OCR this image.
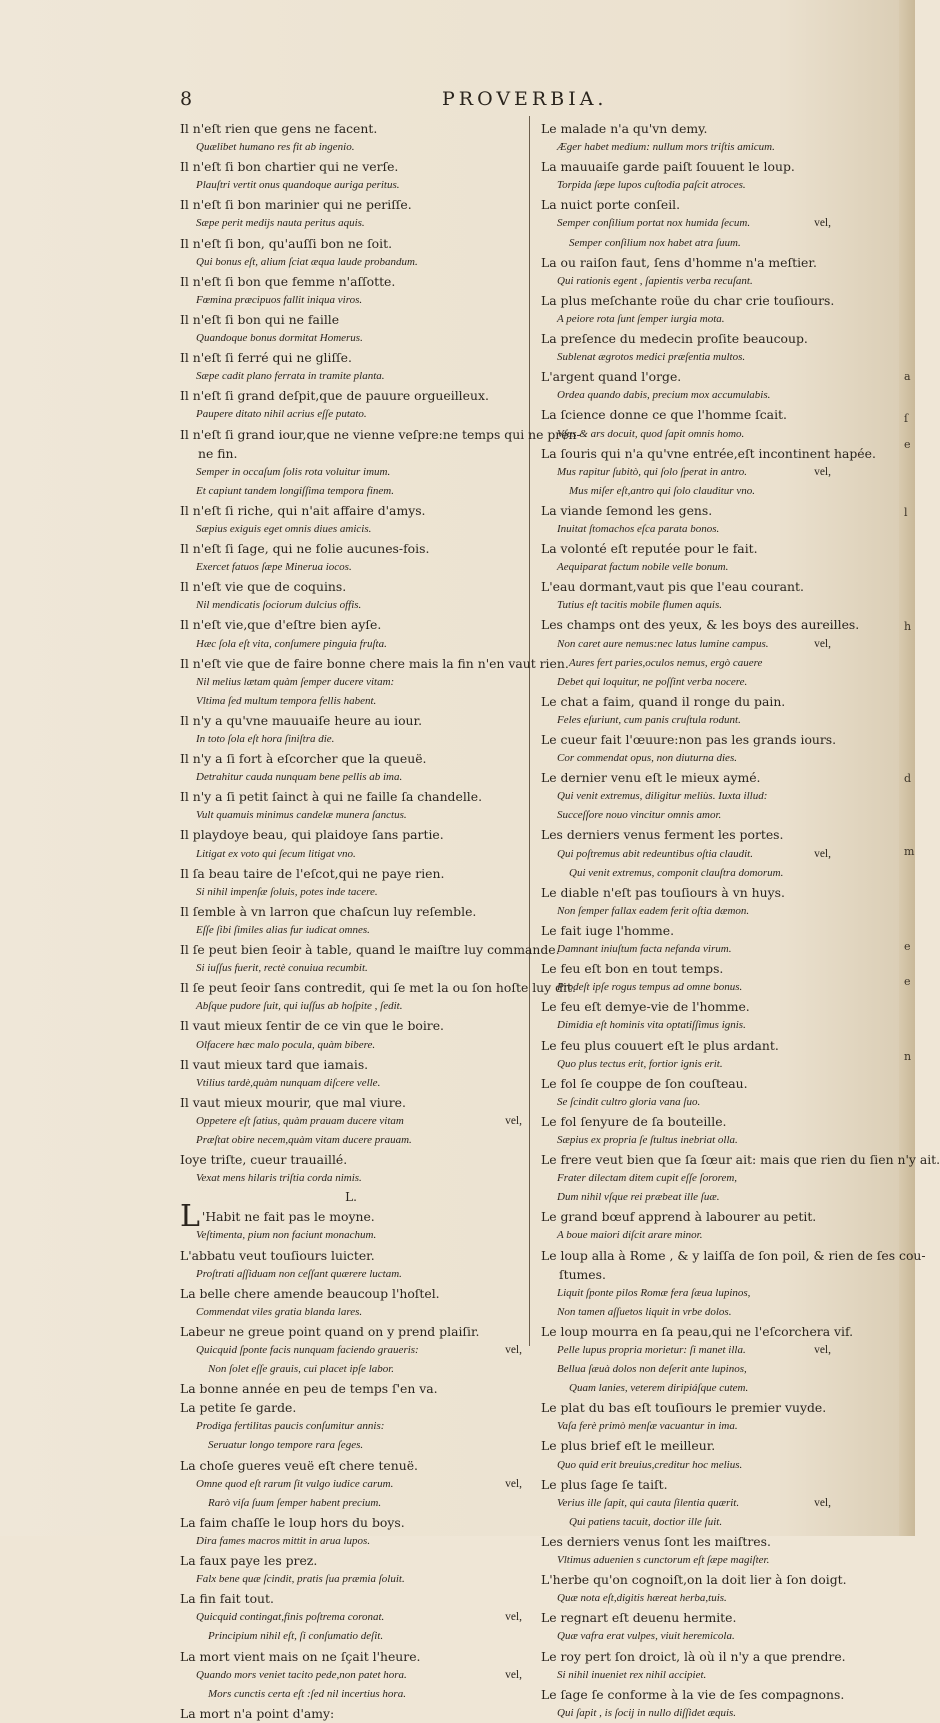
8	PROVERBIA.
Il n'eſt rien que gens ne facent.
Quælibet humano res fit ab ingenio.
Il n'eſt ſi bon chartier qui ne verſe.
Plauſtri vertit onus quandoque auriga peritus.
Il n'eſt ſi bon marinier qui ne periſſe.
Sæpe perit medijs nauta peritus aquis.
Il n'eſt ſi bon, qu'auſſi bon ne ſoit.
Qui bonus eſt, alium ſciat æqua laude probandum.
Il n'eſt ſi bon que femme n'aſſotte.
Fœmina præcipuos fallit iniqua viros.
Il n'eſt ſi bon qui ne faille
Quandoque bonus dormitat Homerus.
Il n'eſt ſi ferré qui ne gliſſe.
Sæpe cadit plano ferrata in tramite planta.
Il n'eſt ſi grand deſpit,que de pauure orgueilleux.
Paupere ditato nihil acrius eſſe putato.
Il n'eſt ſi grand iour,que ne vienne veſpre:ne temps qui ne pren-
ne fin.
Semper in occaſum ſolis rota voluitur imum.
Et capiunt tandem longiſſima tempora finem.
Il n'eſt ſi riche, qui n'ait affaire d'amys.
Sæpius exiguis eget omnis diues amicis.
Il n'eſt ſi ſage, qui ne folie aucunes-fois.
Exercet fatuos ſæpe Minerua iocos.
Il n'eſt vie que de coquins.
Nil mendicatis ſociorum dulcius offis.
Il n'eſt vie,que d'eſtre bien ayſe.
Hæc ſola eſt vita, conſumere pinguia fruſta.
Il n'eſt vie que de faire bonne chere mais la fin n'en vaut rien.
Nil melius lætam quàm ſemper ducere vitam:
Vltima ſed multum tempora fellis habent.
Il n'y a qu'vne mauuaiſe heure au iour.
In toto ſola eſt hora ſiniſtra die.
Il n'y a ſi fort à eſcorcher que la queuë.
Detrahitur cauda nunquam bene pellis ab ima.
Il n'y a ſi petit ſainct à qui ne faille ſa chandelle.
Vult quamuis minimus candelæ munera ſanctus.
Il playdoye beau, qui plaidoye ſans partie.
Litigat ex voto qui ſecum litigat vno.
Il ſa beau taire de l'eſcot,qui ne paye rien.
Si nihil impenſæ ſoluis, potes inde tacere.
Il ſemble à vn larron que chaſcun luy reſemble.
Eſſe ſibi ſimiles alias fur iudicat omnes.
Il ſe peut bien ſeoir à table, quand le maiſtre luy commande.
Si iuſſus fuerit, rectè conuiua recumbit.
Il ſe peut ſeoir ſans contredit, qui ſe met la ou ſon hoſte luy dit.
Abſque pudore ſuit, qui iuſſus ab hoſpite , ſedit.
Il vaut mieux ſentir de ce vin que le boire.
Olfacere hæc malo pocula, quàm bibere.
Il vaut mieux tard que iamais.
Vtilius tardè,quàm nunquam diſcere velle.
Il vaut mieux mourir, que mal viure.
Oppetere eſt ſatius, quàm prauam ducere vitam	vel,
Præſtat obire necem,quàm vitam ducere prauam.
Ioye triſte, cueur trauaillé.
Vexat mens hilaris triſtia corda nimis.
L.
L 'Habit ne fait pas le moyne.
Veſtimenta, pium non faciunt monachum.
L'abbatu veut touſiours luicter.
Proſtrati aſſiduam non ceſſant quærere luctam.
La belle chere amende beaucoup l'hoſtel.
Commendat viles gratia blanda lares.
Labeur ne greue point quand on y prend plaiſir.
Quicquid ſponte facis nunquam faciendo graueris:	vel,
Non ſolet eſſe grauis, cui placet ipſe labor.
La bonne année en peu de temps ſ'en va.
La petite ſe garde.
Prodiga fertilitas paucis conſumitur annis:
Seruatur longo tempore rara ſeges.
La choſe gueres veuë eſt chere tenuë.
Omne quod eſt rarum ſit vulgo iudice carum.	vel,
Rarò viſa ſuum ſemper habent precium.
La faim chaſſe le loup hors du boys.
Dira fames macros mittit in arua lupos.
La faux paye les prez.
Falx bene quæ ſcindit, pratis ſua præmia ſoluit.
La fin fait tout.
Quicquid contingat,finis poſtrema coronat.	vel,
Principium nihil eſt, ſi conſumatio deſit.
La mort vient mais on ne ſçait l'heure.
Quando mors veniet tacito pede,non patet hora.	vel,
Mors cunctis certa eſt :ſed nil incertius hora.
La mort n'a point d'amy:
Le malade n'a qu'vn demy.
Æger habet medium: nullum mors triſtis amicum.
La mauuaiſe garde paiſt ſouuent le loup.
Torpida ſæpe lupos cuſtodia paſcit atroces.
La nuict porte conſeil.
Semper conſilium portat nox humida ſecum.	vel,
Semper conſilium nox habet atra ſuum.
La ou raiſon faut, ſens d'homme n'a meſtier.
Qui rationis egent , ſapientis verba recuſant.
La plus meſchante roüe du char crie touſiours.
A peiore rota ſunt ſemper iurgia mota.
La preſence du medecin proſite beaucoup.
Sublenat ægrotos medici præſentia multos.
L'argent quand l'orge.
Ordea quando dabis, precium mox accumulabis.
La ſcience donne ce que l'homme ſcait.
Vſus & ars docuit, quod ſapit omnis homo.
La ſouris qui n'a qu'vne entrée,eſt incontinent hapée.
Mus rapitur ſubitò, qui ſolo ſperat in antro.	vel,
Mus miſer eſt,antro qui ſolo clauditur vno.
La viande ſemond les gens.
Inuitat ſtomachos eſca parata bonos.
La volonté eſt reputée pour le fait.
Aequiparat factum nobile velle bonum.
L'eau dormant,vaut pis que l'eau courant.
Tutius eſt tacitis mobile flumen aquis.
Les champs ont des yeux, & les boys des aureilles.
Non caret aure nemus:nec latus lumine campus.	vel,
Aures fert paries,oculos nemus, ergò cauere
Debet qui loquitur, ne poſſint verba nocere.
Le chat a faim, quand il ronge du pain.
Feles eſuriunt, cum panis cruſtula rodunt.
Le cueur fait l'œuure:non pas les grands iours.
Cor commendat opus, non diuturna dies.
Le dernier venu eſt le mieux aymé.
Qui venit extremus, diligitur meliùs. Iuxta illud:
Succeſſore nouo vincitur omnis amor.
Les derniers venus ferment les portes.
Qui poſtremus abit redeuntibus oſtia claudit.	vel,
Qui venit extremus, componit clauſtra domorum.
Le diable n'eſt pas touſiours à vn huys.
Non ſemper fallax eadem ferit oſtia dæmon.
Le fait iuge l'homme.
Damnant iniuſtum facta nefanda virum.
Le feu eſt bon en tout temps.
Prodeſt ipſe rogus tempus ad omne bonus.
Le feu eſt demye-vie de l'homme.
Dimidia eſt hominis vita optatiſſimus ignis.
Le feu plus couuert eſt le plus ardant.
Quo plus tectus erit, fortior ignis erit.
Le fol ſe couppe de ſon couſteau.
Se ſcindit cultro gloria vana ſuo.
Le fol ſenyure de ſa bouteille.
Sæpius ex propria ſe ſtultus inebriat olla.
Le frere veut bien que ſa ſœur ait: mais que rien du ſien n'y ait.
Frater dilectam ditem cupit eſſe ſororem,
Dum nihil vſque rei præbeat ille ſuæ.
Le grand bœuf apprend à labourer au petit.
A boue maiori diſcit arare minor.
Le loup alla à Rome , & y laiſſa de ſon poil, & rien de ſes cou-
ſtumes.
Liquit ſponte pilos Romæ fera ſæua lupinos,
Non tamen aſſuetos liquit in vrbe dolos.
Le loup mourra en ſa peau,qui ne l'eſcorchera vif.
Pelle lupus propria morietur: ſi manet illa.	vel,
Bellua ſæuà dolos non deſerit ante lupinos,
Quam lanies, veterem diripiáſque cutem.
Le plat du bas eſt touſiours le premier vuyde.
Vaſa ferè primò menſæ vacuantur in ima.
Le plus brief eſt le meilleur.
Quo quid erit breuius,creditur hoc melius.
Le plus ſage ſe taiſt.
Verius ille ſapit, qui cauta ſilentia quærit.	vel,
Qui patiens tacuit, doctior ille ſuit.
Les derniers venus ſont les maiſtres.
Vltimus aduenien s cunctorum eſt ſæpe magiſter.
L'herbe qu'on cognoiſt,on la doit lier à ſon doigt.
Quæ nota eſt,digitis hæreat herba,tuis.
Le regnart eſt deuenu hermite.
Quæ vafra erat vulpes, viuit heremicola.
Le roy pert ſon droict, là où il n'y a que prendre.
Si nihil inueniet rex nihil accipiet.
Le ſage ſe conforme à la vie de ſes compagnons.
Qui ſapit , is ſocij in nullo diſſidet æquis.
a
ſ
e
l
h
d
m
e
e
n
